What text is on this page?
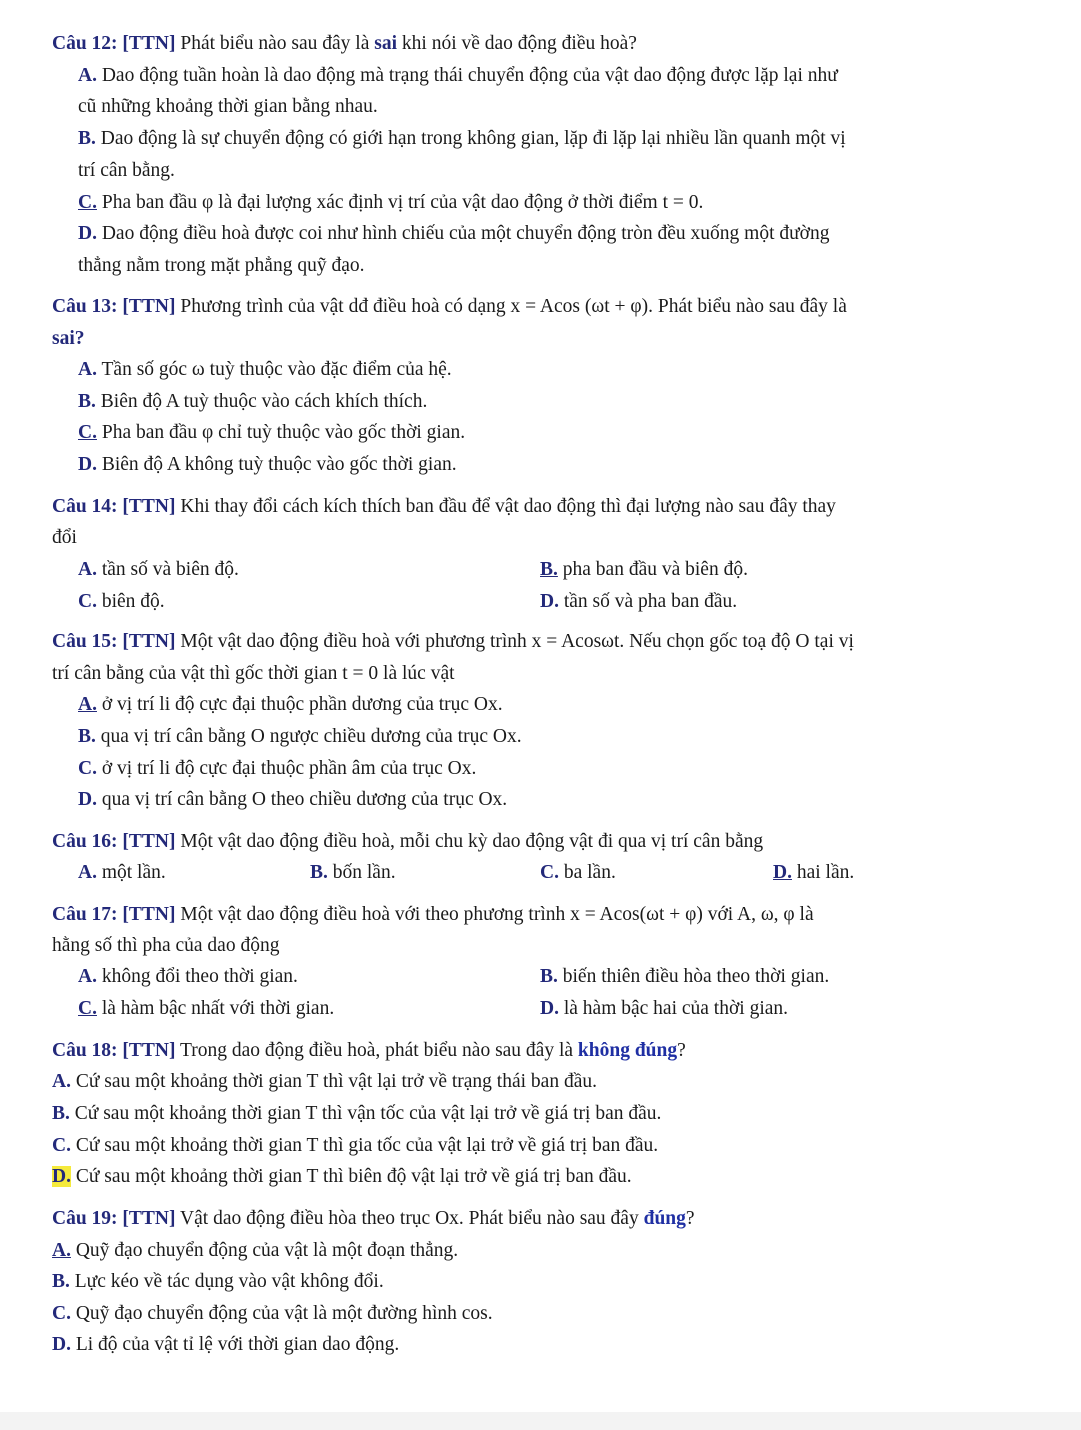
Câu 12: [TTN] Phát biểu nào sau đây là sai khi nói về dao động điều hoà?
A. Dao động tuần hoàn là dao động mà trạng thái chuyển động của vật dao động được lặp lại như
cũ những khoảng thời gian bằng nhau.
B. Dao động là sự chuyển động có giới hạn trong không gian, lặp đi lặp lại nhiều lần quanh một vị
trí cân bằng.
C. Pha ban đầu φ là đại lượng xác định vị trí của vật dao động ở thời điểm t = 0.
D. Dao động điều hoà được coi như hình chiếu của một chuyển động tròn đều xuống một đường
thẳng nằm trong mặt phẳng quỹ đạo.
Câu 13: [TTN] Phương trình của vật dđ điều hoà có dạng x = Acos (ωt + φ). Phát biểu nào sau đây là
sai?
A. Tần số góc ω tuỳ thuộc vào đặc điểm của hệ.
B. Biên độ A tuỳ thuộc vào cách khích thích.
C. Pha ban đầu φ chỉ tuỳ thuộc vào gốc thời gian.
D. Biên độ A không tuỳ thuộc vào gốc thời gian.
Câu 14: [TTN] Khi thay đổi cách kích thích ban đầu để vật dao động thì đại lượng nào sau đây thay
đổi
A. tần số và biên độ.	B. pha ban đầu và biên độ.
C. biên độ.	D. tần số và pha ban đầu.
Câu 15: [TTN] Một vật dao động điều hoà với phương trình x = Acosωt. Nếu chọn gốc toạ độ O tại vị
trí cân bằng của vật thì gốc thời gian t = 0 là lúc vật
A. ở vị trí li độ cực đại thuộc phần dương của trục Ox.
B. qua vị trí cân bằng O ngược chiều dương của trục Ox.
C. ở vị trí li độ cực đại thuộc phần âm của trục Ox.
D. qua vị trí cân bằng O theo chiều dương của trục Ox.
Câu 16: [TTN] Một vật dao động điều hoà, mỗi chu kỳ dao động vật đi qua vị trí cân bằng
A. một lần.	B. bốn lần.	C. ba lần.	D. hai lần.
Câu 17: [TTN] Một vật dao động điều hoà với theo phương trình x = Acos(ωt + φ) với A, ω, φ là
hằng số thì pha của dao động
A. không đổi theo thời gian.	B. biến thiên điều hòa theo thời gian.
C. là hàm bậc nhất với thời gian.	D. là hàm bậc hai của thời gian.
Câu 18: [TTN] Trong dao động điều hoà, phát biểu nào sau đây là không đúng?
A. Cứ sau một khoảng thời gian T thì vật lại trở về trạng thái ban đầu.
B. Cứ sau một khoảng thời gian T thì vận tốc của vật lại trở về giá trị ban đầu.
C. Cứ sau một khoảng thời gian T thì gia tốc của vật lại trở về giá trị ban đầu.
D. Cứ sau một khoảng thời gian T thì biên độ vật lại trở về giá trị ban đầu.
Câu 19: [TTN] Vật dao động điều hòa theo trục Ox. Phát biểu nào sau đây đúng?
A. Quỹ đạo chuyển động của vật là một đoạn thẳng.
B. Lực kéo về tác dụng vào vật không đổi.
C. Quỹ đạo chuyển động của vật là một đường hình cos.
D. Li độ của vật tỉ lệ với thời gian dao động.
